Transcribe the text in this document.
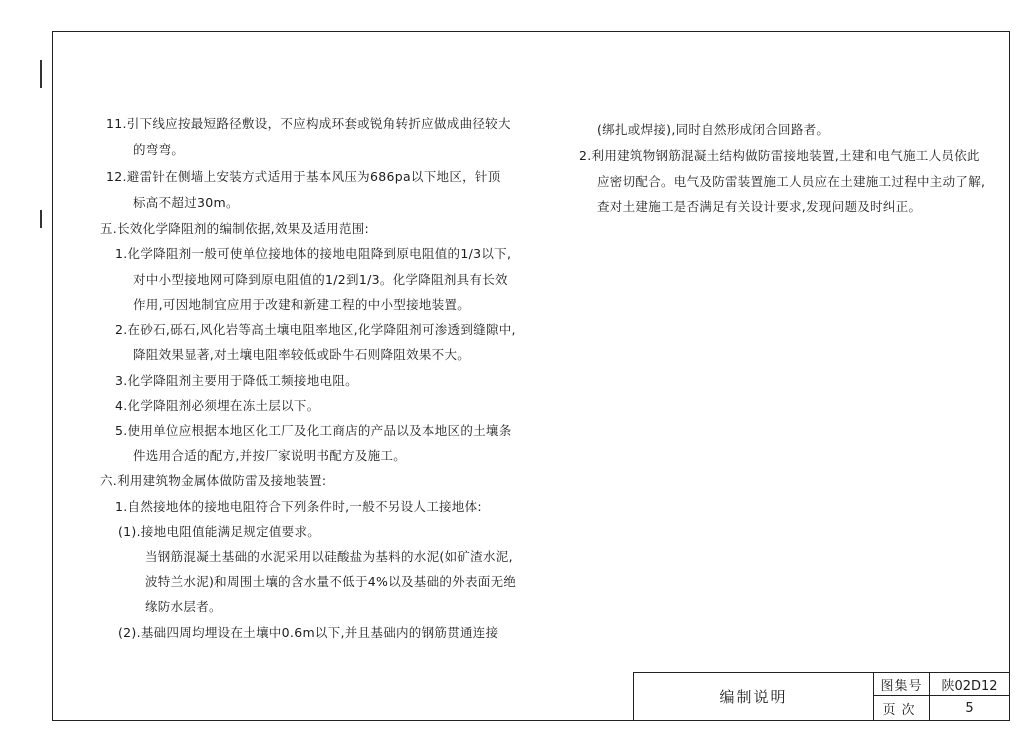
11.引下线应按最短路径敷设，不应构成环套或锐角转折应做成曲径较大
的弯弯。
12.避雷针在侧墙上安装方式适用于基本风压为686pa以下地区，针顶
标高不超过30m。
五.长效化学降阻剂的编制依据,效果及适用范围:
1.化学降阻剂一般可使单位接地体的接地电阻降到原电阻值的1/3以下,
对中小型接地网可降到原电阻值的1/2到1/3。化学降阻剂具有长效
作用,可因地制宜应用于改建和新建工程的中小型接地装置。
2.在砂石,砾石,风化岩等高土壤电阻率地区,化学降阻剂可渗透到缝隙中,
降阻效果显著,对土壤电阻率较低或卧牛石则降阻效果不大。
3.化学降阻剂主要用于降低工频接地电阻。
4.化学降阻剂必须埋在冻土层以下。
5.使用单位应根据本地区化工厂及化工商店的产品以及本地区的土壤条
件选用合适的配方,并按厂家说明书配方及施工。
六.利用建筑物金属体做防雷及接地装置:
1.自然接地体的接地电阻符合下列条件时,一般不另设人工接地体:
(1).接地电阻值能满足规定值要求。
当钢筋混凝土基础的水泥采用以硅酸盐为基料的水泥(如矿渣水泥,
波特兰水泥)和周围土壤的含水量不低于4%以及基础的外表面无绝
缘防水层者。
(2).基础四周均埋设在土壤中0.6m以下,并且基础内的钢筋贯通连接
(绑扎或焊接),同时自然形成闭合回路者。
2.利用建筑物钢筋混凝土结构做防雷接地装置,土建和电气施工人员依此
应密切配合。电气及防雷装置施工人员应在土建施工过程中主动了解,
查对土建施工是否满足有关设计要求,发现问题及时纠正。
编制说明
图集号	陕02D12
页次	5
